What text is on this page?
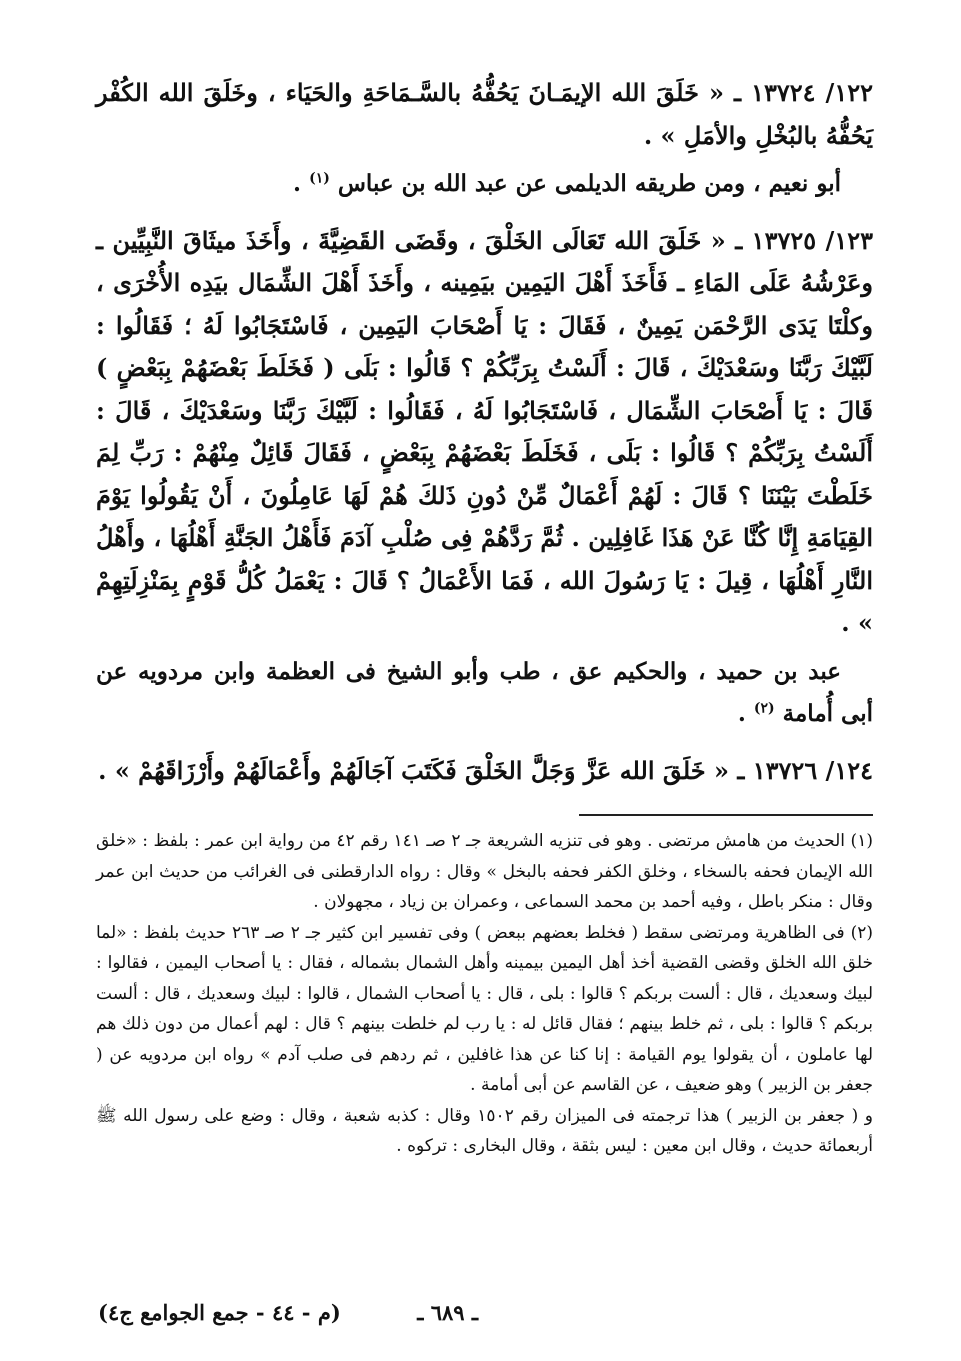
١٢٢/ ١٣٧٢٤ ـ « خَلَقَ الله الإيمَـانَ يَحُفُّهُ بالسَّـمَاحَةِ والحَيَاء ، وخَلَقَ الله الكُفْر يَحُفُّهُ بالبُخْلِ والأمَلِ » .

أبو نعيم ، ومن طريقه الديلمى عن عبد الله بن عباس $^{(١)}$ .

١٢٣/ ١٣٧٢٥ ـ « خَلَقَ الله تَعَالَى الخَلْقَ ، وقَضَى القَضِيَّةَ ، وأَخَذَ ميثَاقَ النَّبِيِّين ـ وعَرْشُهُ عَلَى المَاءِ ـ فَأَخَذَ أَهْلَ اليَمِين بيَمِينه ، وأَخَذَ أَهْلَ الشِّمَال بيَدِه الأُخْرَى ، وكلْتَا يَدَى الرَّحْمَن يَمِينٌ ، فَقَالَ : يَا أَصْحَابَ اليَمِين ، فَاسْتَجَابُوا لَهُ ؛ فَقَالُوا : لَبَّيْكَ رَبَّنَا وسَعْدَيْكَ ، قَالَ : أَلَسْتُ بِرَبِّكُمْ ؟ قَالُوا : بَلَى ( فَخَلَطَ بَعْضَهُمْ بِبَعْضٍ ) قَالَ : يَا أَصْحَابَ الشِّمَال ، فَاسْتَجَابُوا لَهُ ، فَقَالُوا : لَبَّيْكَ رَبَّنَا وسَعْدَيْكَ ، قَالَ : أَلَسْتُ بِرَبِّكُمْ ؟ قَالُوا : بَلَى ، فَخَلَطَ بَعْضَهُمْ بِبَعْضٍ ، فَقَالَ قَائِلٌ مِنْهُمْ : رَبِّ لِمَ خَلَطْتَ بَيْنَنَا ؟ قَالَ : لَهُمْ أَعْمَالٌ مِّنْ دُونِ ذَلكَ هُمْ لَهَا عَامِلُونَ ، أَنْ يَقُولُوا يَوْمَ القِيَامَةِ إِنَّا كُنَّا عَنْ هَذَا غَافِلِين . ثُمَّ رَدَّهُمْ فِى صُلْبِ آدَمَ فَأَهْلُ الجَنَّةِ أَهْلُهَا ، وأَهْلُ النَّارِ أَهْلُهَا ، قِيلَ : يَا رَسُولَ الله ، فَمَا الأَعْمَالُ ؟ قَالَ : يَعْمَلُ كُلُّ قَوْمٍ بِمَنْزِلَتِهِمْ » .

عبد بن حميد ، والحكيم عق ، طب وأبو الشيخ فى العظمة وابن مردويه عن أبى أُمامة $^{(٢)}$ .

١٢٤/ ١٣٧٢٦ ـ « خَلَقَ الله عَزَّ وَجَلَّ الخَلْقَ فَكَتَبَ آجَالَهُمْ وأَعْمَالَهُمْ وأَرْزَاقَهُمْ » .

(١) الحديث من هامش مرتضى . وهو فى تنزيه الشريعة جـ ٢ صـ ١٤١ رقم ٤٢ من رواية ابن عمر : بلفظ : «خلق الله الإيمان فحفه بالسخاء ، وخلق الكفر فحفه بالبخل » وقال : رواه الدارقطنى فى الغرائب من حديث ابن عمر وقال : منكر باطل ، وفيه أحمد بن محمد السماعى ، وعمران بن زياد ، مجهولان .

(٢) فى الظاهرية ومرتضى سقط ( فخلط بعضهم ببعض ) وفى تفسير ابن كثير جـ ٢ صـ ٢٦٣ حديث بلفظ : «لما خلق الله الخلق وقضى القضية أخذ أهل اليمين بيمينه وأهل الشمال بشماله ، فقال : يا أصحاب اليمين ، فقالوا : لبيك وسعديك ، قال : ألست بربكم ؟ قالوا : بلى ، قال : يا أصحاب الشمال ، قالوا : لبيك وسعديك ، قال : ألست بربكم ؟ قالوا : بلى ، ثم خلط بينهم ؛ فقال قائل له : يا رب لم خلطت بينهم ؟ قال : لهم أعمال من دون ذلك هم لها عاملون ، أن يقولوا يوم القيامة : إنا كنا عن هذا غافلين ، ثم ردهم فى صلب آدم » رواه ابن مردويه عن ( جعفر بن الزبير ) وهو ضعيف ، عن القاسم عن أبى أمامة .

و ( جعفر بن الزبير ) هذا ترجمته فى الميزان رقم ١٥٠٢ وقال : كذبه شعبة ، وقال : وضع على رسول الله ﷺ أربعمائة حديث ، وقال ابن معين : ليس بثقة ، وقال البخارى : تركوه .

ـ ٦٨٩ ـ
(م - ٤٤ - جمع الجوامع ج٤)
